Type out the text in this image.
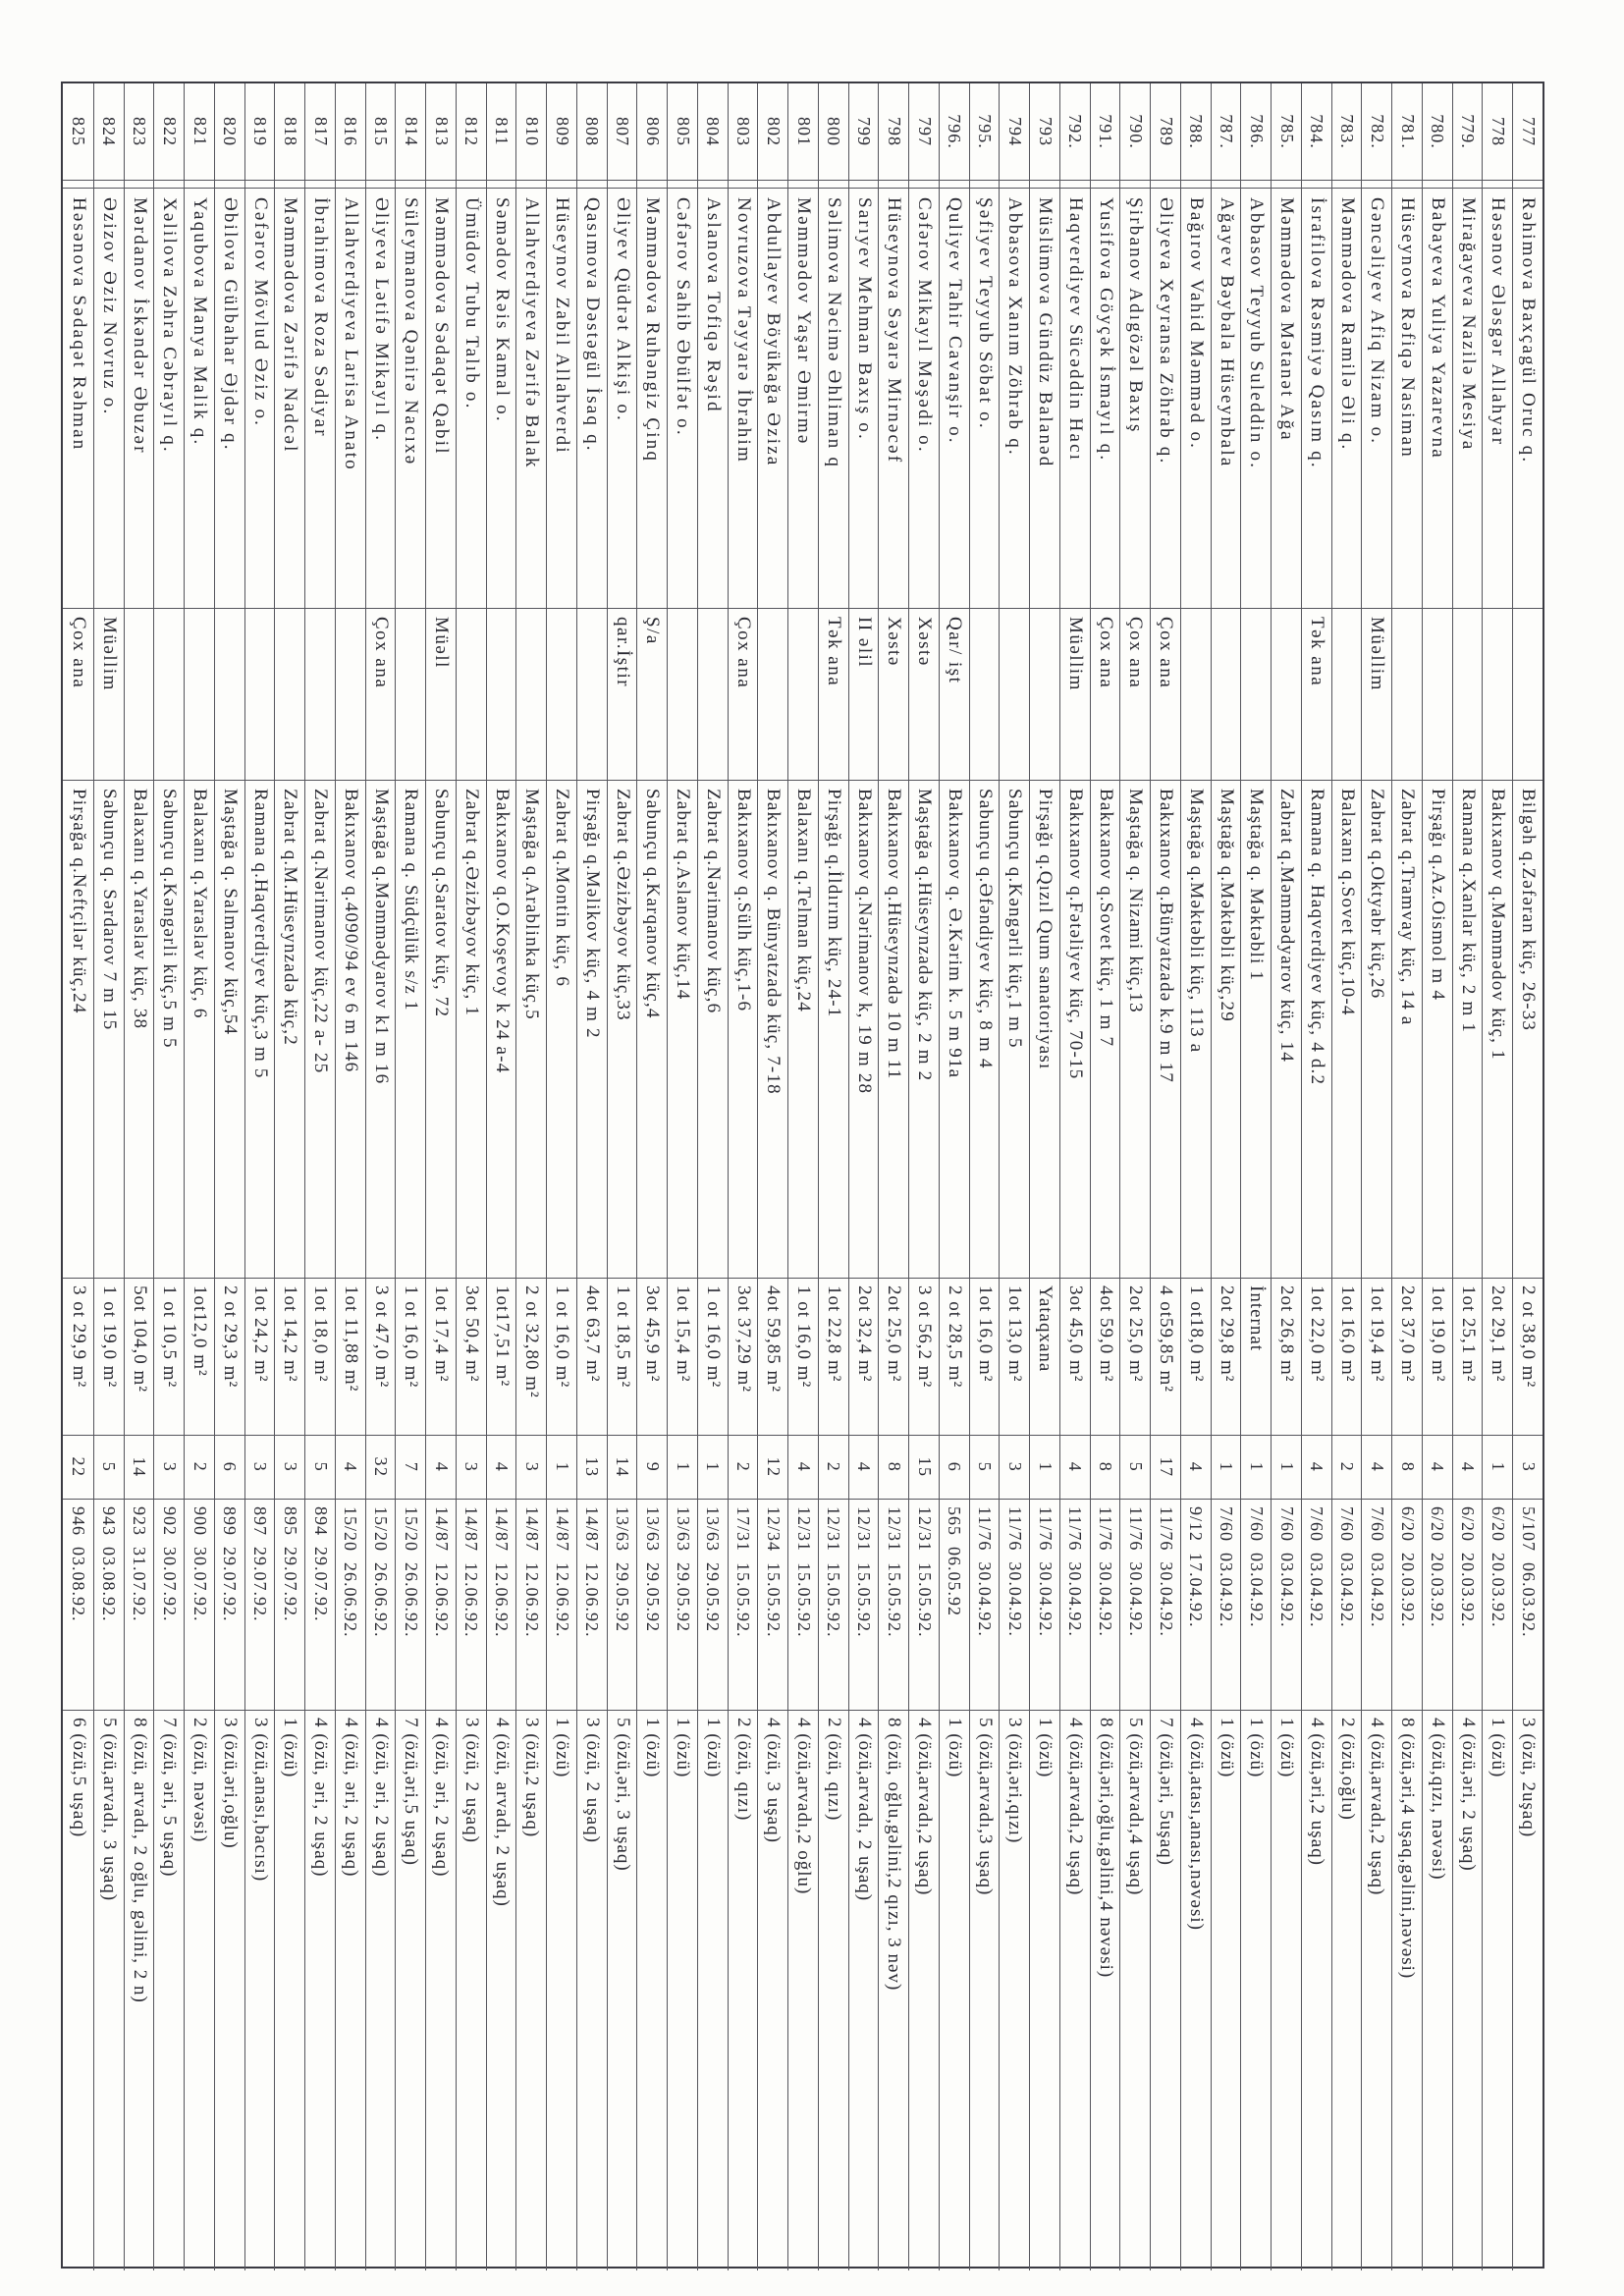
777
Rəhimova Baxçagül Oruc q.
Bilgəh q.Zəfəran küç, 26-33
2 ot 38,0 m²
3
5/107  06.03.92.
3 (özü, 2uşaq)
778
Həsənov Ələsgər Allahyar
Bakıxanov q.Məmmədov küç, 1
2ot 29,1 m²
1
6/20  20.03.92.
1 (özü)
779.
Mirağayeva Nazilə Mesiya
Ramana q.Xanlar küç, 2 m 1
1ot 25,1 m²
4
6/20  20.03.92.
4 (özü,əri, 2 uşaq)
780.
Babayeva Yuliya Yazarevna
Pirşağı q.Az.Oismol m 4
1ot 19,0 m²
4
6/20  20.03.92.
4 (özü,qızı, nəvəsi)
781.
Hüseynova Rəfiqə Nasiman
Zabrat q.Tramvay küç, 14 a
2ot 37,0 m²
8
6/20  20.03.92.
8 (özü,əri,4 uşaq,gəlini,nəvəsi)
782.
Gəncəliyev Afiq Nizam o.
Müəllim
Zabrat q.Oktyabr küç,26
1ot 19,4 m²
4
7/60  03.04.92.
4 (özü,arvadı,2 uşaq)
783.
Məmmədova Ramilə Əli q.
Balaxanı q.Sovet küç,10-4
1ot 16,0 m²
2
7/60  03.04.92.
2 (özü,oğlu)
784.
İsrafilova Rəsmiyə Qasım q.
Tək ana
Ramana q. Haqverdiyev küç, 4 d.2
1ot 22,0 m²
4
7/60  03.04.92.
4 (özü,əri,2 uşaq)
785.
Məmmədova Mətanət Ağa
Zabrat q.Məmmədyarov küç, 14
2ot 26,8 m²
1
7/60  03.04.92.
1 (özü)
786.
Abbasov Teyyub Suleddin o.
Maştağa q. Məktəbli 1
İnternat
1
7/60  03.04.92.
1 (özü)
787.
Ağayev Bəybala Hüseynbala
Maştağa q.Məktəbli küç,29
2ot 29,8 m²
1
7/60  03.04.92.
1 (özü)
788.
Bağırov Vahid Məmməd o.
Maştağa q.Məktəbli küç, 113 a
1 ot18,0 m²
4
9/12  17.04.92.
4 (özü,atası,anası,nəvəsi)
789
Əliyeva Xeyransa Zöhrab q.
Çox ana
Bakıxanov q.Bünyatzadə k.9 m 17
4 ot59,85 m²
17
11/76  30.04.92.
7 (özü,əri, 5uşaq)
790.
Şirbanov Adıgözəl Baxış
Çox ana
Maştağa q. Nizami küç,13
2ot 25,0 m²
5
11/76  30.04.92.
5 (özü,arvadı,4 uşaq)
791.
Yusifova Göyçək İsmayıl q.
Çox ana
Bakıxanov q.Sovet küç, 1 m 7
4ot 59,0 m²
8
11/76  30.04.92.
8 (özü,əri,oğlu,gəlini,4 nəvəsi)
792.
Haqverdiyev Sücəddin Hacı
Müəllim
Bakıxanov q.Fətəliyev küç, 70-15
3ot 45,0 m²
4
11/76  30.04.92.
4 (özü,arvadı,2 uşaq)
793
Müslümova Gündüz Balanəd
Pirşağı q.Qızıl Qum sanatoriyası
Yataqxana
1
11/76  30.04.92.
1 (özü)
794
Abbasova Xanım Zöhrab q.
Sabunçu q.Kəngərli küç,1 m 5
1ot 13,0 m²
3
11/76  30.04.92.
3 (özü,əri,qızı)
795.
Şəfiyev Teyyub Söbat o.
Sabunçu q.Əfəndiyev küç, 8 m 4
1ot 16,0 m²
5
11/76  30.04.92.
5 (özü,arvadı,3 uşaq)
796.
Quliyev Tahir Cavanşir o.
Qar/ işt
Bakıxanov q. Ə.Kərim k. 5 m 91a
2 ot 28,5 m²
6
565  06.05.92
1 (özü)
797
Cəfərov Mikayıl Məşədi o.
Xəstə
Maştağa q.Hüseynzadə küç, 2 m 2
3 ot 56,2 m²
15
12/31  15.05.92.
4 (özü,arvadı,2 uşaq)
798
Hüseynova Səyarə Mirnəcəf
Xəstə
Bakıxanov q.Hüseynzadə 10 m 11
2ot 25,0 m²
8
12/31  15.05.92.
8 (özü, oğlu,gəlini,2 qızı, 3 nəv)
799
Sarıyev Mehman Baxış o.
II əlil
Bakıxanov q.Nərimanov k, 19 m 28
2ot 32,4 m²
4
12/31  15.05.92.
4 (özü,arvadı, 2 uşaq)
800
Səlimova Nəcimə Əhliman q
Tək ana
Pirşağı q.İldırım küç, 24-1
1ot 22,8 m²
2
12/31  15.05.92.
2 (özü, qızı)
801
Məmmədov Yaşar Əmirmə
Balaxanı q.Telman küç,24
1 ot 16,0 m²
4
12/31  15.05.92.
4 (özü,arvadı,2 oğlu)
802
Abdullayev Böyükağa Əziza
Bakıxanov q. Bünyatzadə küç, 7-18
4ot 59,85 m²
12
12/34  15.05.92.
4 (özü, 3 uşaq)
803
Novruzova Təyyarə İbrahim
Çox ana
Bakıxanov q.Sülh küç,1-6
3ot 37,29 m²
2
17/31  15.05.92.
2 (özü, qızı)
804
Aslanova Tofiqə Rəşid
Zabrat q.Nərimanov küç,6
1 ot 16,0 m²
1
13/63  29.05.92
1 (özü)
805
Cəfərov Sahib Əbülfət o.
Zabrat q.Aslanov küç,14
1ot 15,4 m²
1
13/63  29.05.92
1 (özü)
806
Məmmədova Ruhəngiz Çinq
Ş/a
Sabunçu q.Karqanov küç,4
3ot 45,9 m²
9
13/63  29.05.92
1 (özü)
807
Əliyev Qüdrət Alkişi o.
qar.İştir
Zabrat q.Əzizbəyov küç,33
1 ot 18,5 m²
14
13/63  29.05.92
5 (özü,əri, 3 uşaq)
808
Qasımova Dəstəgül İsaq q.
Pirşağı q.Məlikov küç, 4 m 2
4ot 63,7 m²
13
14/87  12.06.92.
3 (özü, 2 uşaq)
809
Hüseynov Zabil Allahverdi
Zabrat q.Montin küç, 6
1 ot 16,0 m²
1
14/87  12.06.92.
1 (özü)
810
Allahverdiyeva Zərifə Balak
Maştağa q.Arablinka küç,5
2 ot 32,80 m²
3
14/87  12.06.92.
3 (özü,2 uşaq)
811
Səmədov Rəis Kamal o.
Bakıxanov q.O.Koşevoy k 24 a-4
1ot17,51 m²
4
14/87  12.06.92.
4 (özü, arvadı, 2 uşaq)
812
Ümüdov Tubu Talıb o.
Zabrat q.Əzizbəyov küç, 1
3ot 50,4 m²
3
14/87  12.06.92.
3 (özü, 2 uşaq)
813
Məmmədova Sədaqət Qabil
Müəll
Sabunçu q.Saratov küç, 72
1ot 17,4 m²
4
14/87  12.06.92.
4 (özü, əri, 2 uşaq)
814
Süleymanova Qənirə Nacıxə
Ramana q. Südçülük s/z 1
1 ot 16,0 m²
7
15/20  26.06.92.
7 (özü,əri,5 uşaq)
815
Əliyeva Lətifə Mikayıl q.
Çox ana
Maştağa q.Məmmədyarov k1 m 16
3 ot 47,0 m²
32
15/20  26.06.92.
4 (özü, əri, 2 uşaq)
816
Allahverdiyeva Larisa Anato
Bakıxanov q.4090/94 ev 6 m 146
1ot 11,88 m²
4
15/20  26.06.92.
4 (özü, əri, 2 uşaq)
817
İbrahimova Roza Sədiyar
Zabrat q.Nərimanov küç,22 a- 25
1ot 18,0 m²
5
894  29.07.92.
4 (özü, əri, 2 uşaq)
818
Məmmədova Zərifə Nadcəl
Zabrat q.M.Hüseynzadə küç,2
1ot 14,2 m²
3
895  29.07.92.
1 (özü)
819
Cəfərov Mövlud Əziz o.
Ramana q.Haqverdiyev küç,3 m 5
1ot 24,2 m²
3
897  29.07.92.
3 (özü,anası,bacısı)
820
Əbilova Gülbahar Əjdər q.
Maştağa q. Salmanov küç,54
2 ot 29,3 m²
6
899  29.07.92.
3 (özü,əri,oğlu)
821
Yaqubova Manya Malik q.
Balaxanı q.Yaraslav küç, 6
1ot12,0 m²
2
900  30.07.92.
2 (özü, nəvəsi)
822
Xəlilova Zəhra Cəbrayıl q.
Sabunçu q.Kəngərli küç,5 m 5
1 ot 10,5 m²
3
902  30.07.92.
7 (özü, əri, 5 uşaq)
823
Mərdanov İskəndər Əbuzər
Balaxanı q.Yaraslav küç, 38
5ot 104,0 m²
14
923  31.07.92.
8 (özü, arvadı, 2 oğlu, gəlini, 2 n)
824
Əzizov Əziz Novruz o.
Müəllim
Sabunçu q. Sərdarov 7 m 15
1 ot 19,0 m²
5
943  03.08.92.
5 (özü,arvadı, 3 uşaq)
825
Həsənova Sədaqət Rəhman
Çox ana
Pirşağa q.Neftçilər küç,24
3 ot 29,9 m²
22
946  03.08.92.
6 (özü,5 uşaq)
